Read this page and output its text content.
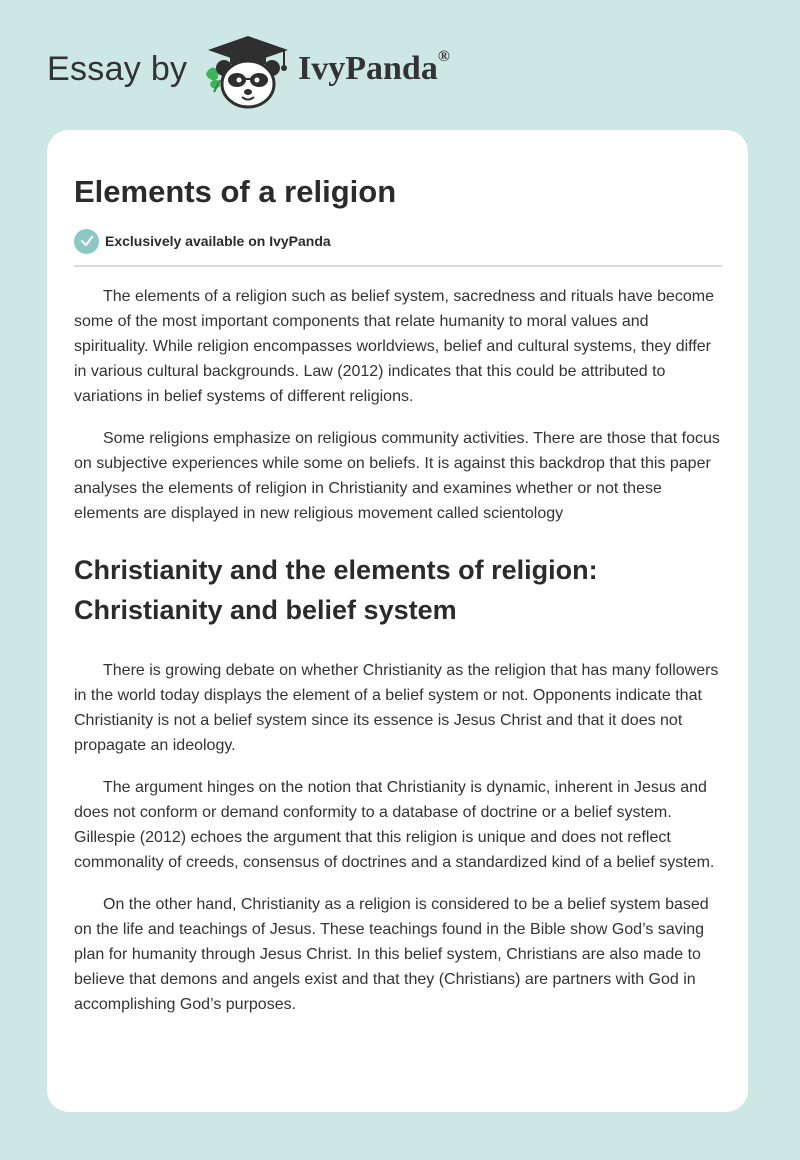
Essay by	IvyPanda®
Elements of a religion
Exclusively available on IvyPanda

The elements of a religion such as belief system, sacredness and rituals have become some of the most important components that relate humanity to moral values and spirituality. While religion encompasses worldviews, belief and cultural systems, they differ in various cultural backgrounds. Law (2012) indicates that this could be attributed to variations in belief systems of different religions.

Some religions emphasize on religious community activities. There are those that focus on subjective experiences while some on beliefs. It is against this backdrop that this paper analyses the elements of religion in Christianity and examines whether or not these elements are displayed in new religious movement called scientology

Christianity and the elements of religion: Christianity and belief system

There is growing debate on whether Christianity as the religion that has many followers in the world today displays the element of a belief system or not. Opponents indicate that Christianity is not a belief system since its essence is Jesus Christ and that it does not propagate an ideology.

The argument hinges on the notion that Christianity is dynamic, inherent in Jesus and does not conform or demand conformity to a database of doctrine or a belief system. Gillespie (2012) echoes the argument that this religion is unique and does not reflect commonality of creeds, consensus of doctrines and a standardized kind of a belief system.

On the other hand, Christianity as a religion is considered to be a belief system based on the life and teachings of Jesus. These teachings found in the Bible show God’s saving plan for humanity through Jesus Christ. In this belief system, Christians are also made to believe that demons and angels exist and that they (Christians) are partners with God in accomplishing God’s purposes.
